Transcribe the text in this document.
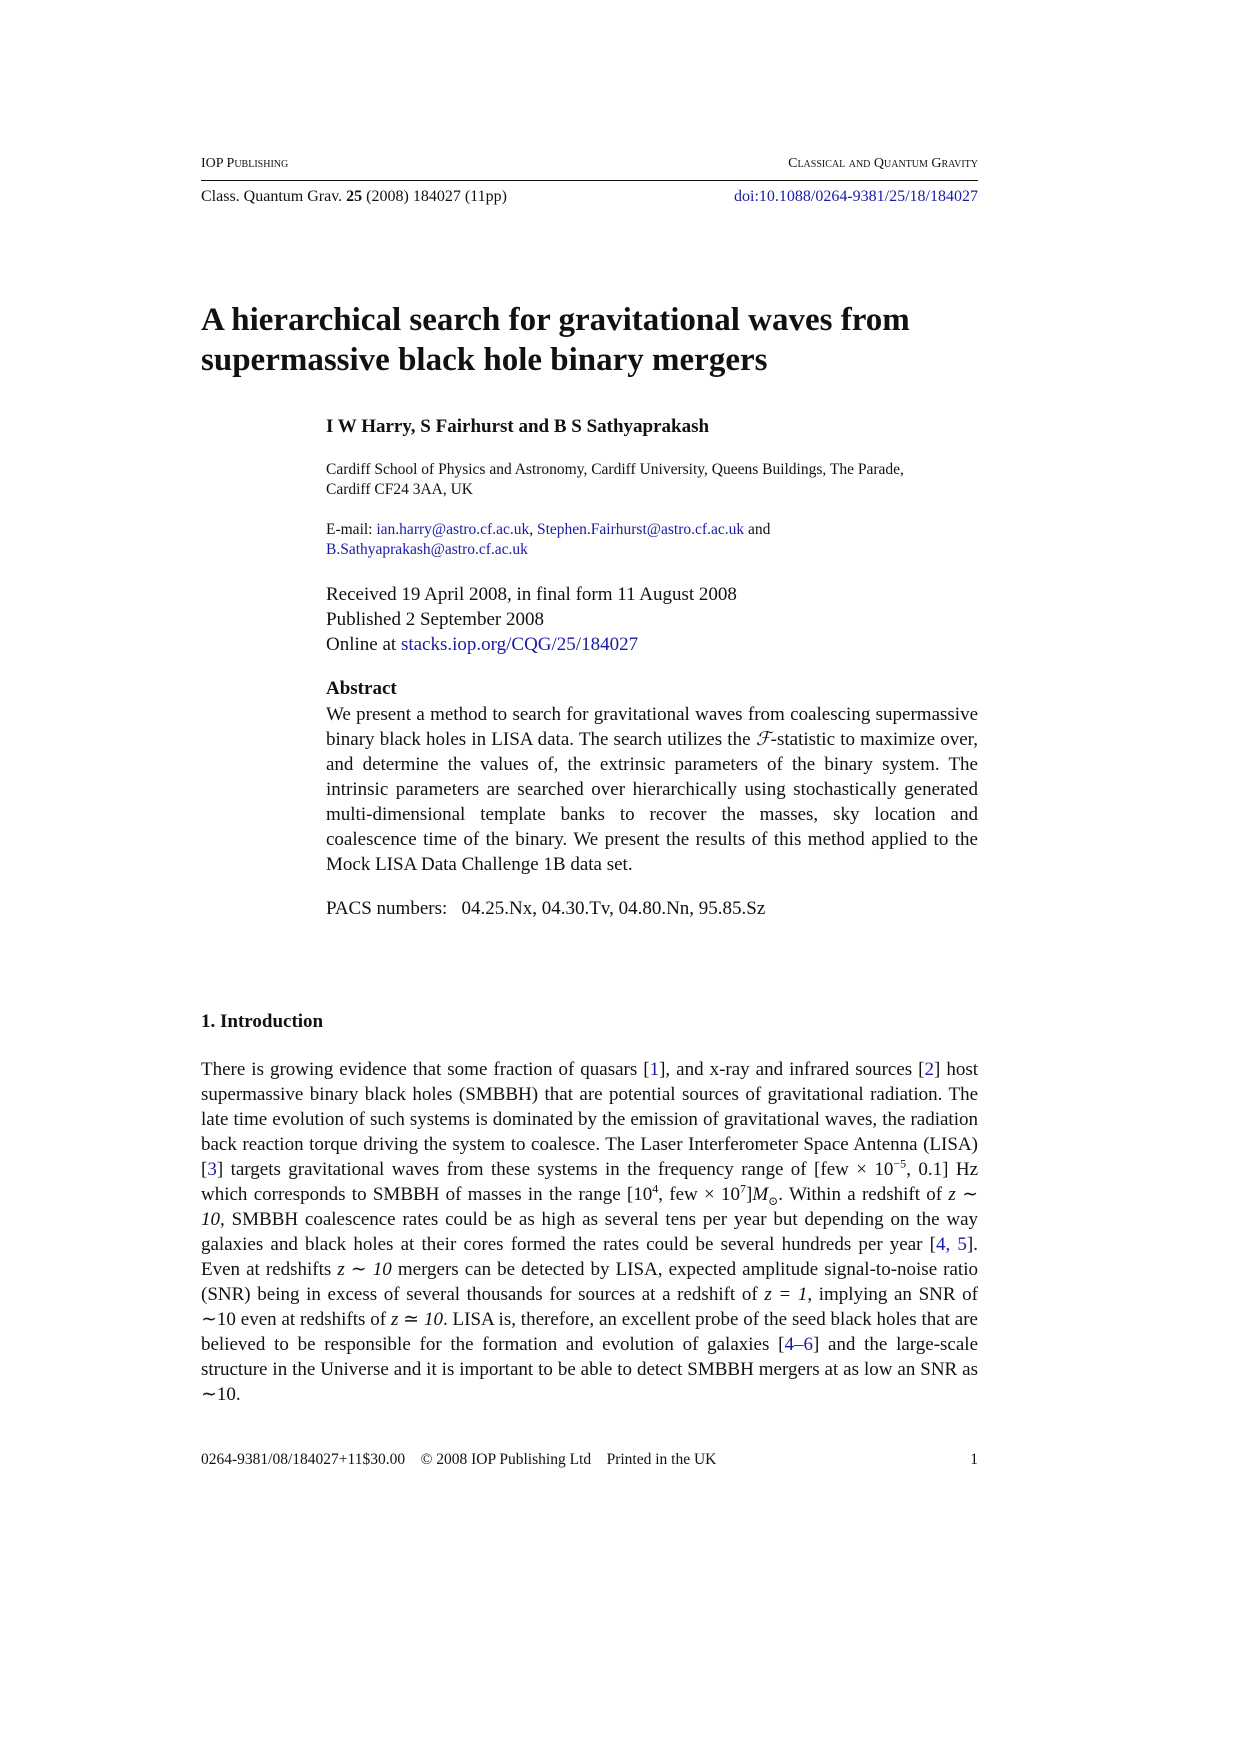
IOP Publishing	Classical and Quantum Gravity
Class. Quantum Grav. 25 (2008) 184027 (11pp)	doi:10.1088/0264-9381/25/18/184027
A hierarchical search for gravitational waves from supermassive black hole binary mergers
I W Harry, S Fairhurst and B S Sathyaprakash
Cardiff School of Physics and Astronomy, Cardiff University, Queens Buildings, The Parade,
Cardiff CF24 3AA, UK
E-mail: ian.harry@astro.cf.ac.uk, Stephen.Fairhurst@astro.cf.ac.uk and
B.Sathyaprakash@astro.cf.ac.uk
Received 19 April 2008, in final form 11 August 2008
Published 2 September 2008
Online at stacks.iop.org/CQG/25/184027
Abstract

We present a method to search for gravitational waves from coalescing supermassive binary black holes in LISA data. The search utilizes the ℱ-statistic to maximize over, and determine the values of, the extrinsic parameters of the binary system. The intrinsic parameters are searched over hierarchically using stochastically generated multi-dimensional template banks to recover the masses, sky location and coalescence time of the binary. We present the results of this method applied to the Mock LISA Data Challenge 1B data set.

PACS numbers:   04.25.Nx, 04.30.Tv, 04.80.Nn, 95.85.Sz
1. Introduction

There is growing evidence that some fraction of quasars [1], and x-ray and infrared sources [2] host supermassive binary black holes (SMBBH) that are potential sources of gravitational radiation. The late time evolution of such systems is dominated by the emission of gravitational waves, the radiation back reaction torque driving the system to coalesce. The Laser Interferometer Space Antenna (LISA) [3] targets gravitational waves from these systems in the frequency range of [$few \times 10^{-5}$, 0.1] Hz which corresponds to SMBBH of masses in the range [$10^4$, few × $10^7]M_⊙$. Within a redshift of z ∼ 10, SMBBH coalescence rates could be as high as several tens per year but depending on the way galaxies and black holes at their cores formed the rates could be several hundreds per year [4, 5]. Even at redshifts z ∼ 10 mergers can be detected by LISA, expected amplitude signal-to-noise ratio (SNR) being in excess of several thousands for sources at a redshift of z = 1, implying an SNR of ∼10 even at redshifts of z ≃ 10. LISA is, therefore, an excellent probe of the seed black holes that are believed to be responsible for the formation and evolution of galaxies [4–6] and the large-scale structure in the Universe and it is important to be able to detect SMBBH mergers at as low an SNR as ∼10.

0264-9381/08/184027+11$30.00    © 2008 IOP Publishing Ltd    Printed in the UK	1
